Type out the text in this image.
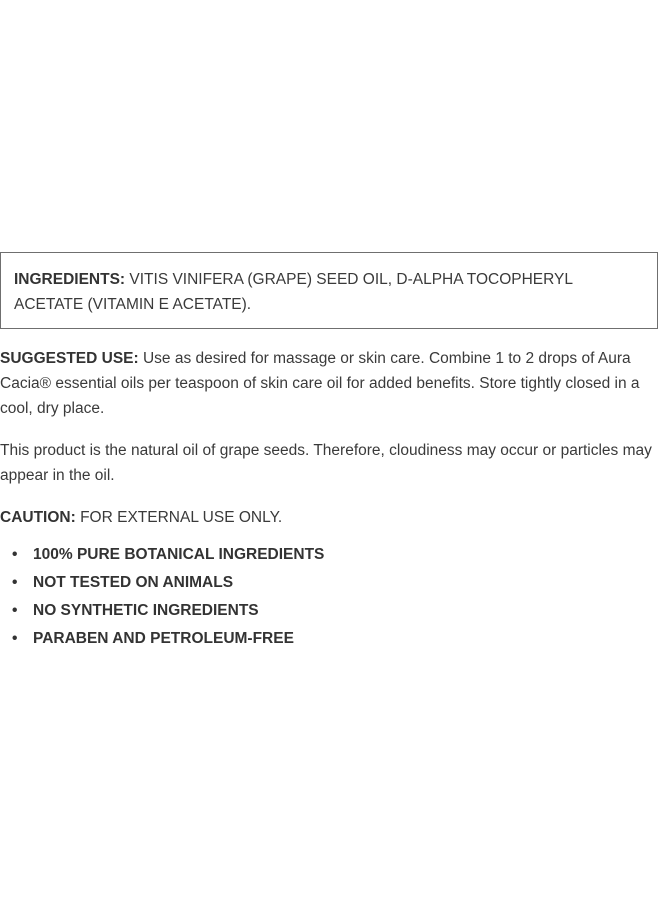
INGREDIENTS: VITIS VINIFERA (GRAPE) SEED OIL, D-ALPHA TOCOPHERYL ACETATE (VITAMIN E ACETATE).

SUGGESTED USE: Use as desired for massage or skin care. Combine 1 to 2 drops of Aura Cacia® essential oils per teaspoon of skin care oil for added benefits. Store tightly closed in a cool, dry place.

This product is the natural oil of grape seeds. Therefore, cloudiness may occur or particles may appear in the oil.

CAUTION: FOR EXTERNAL USE ONLY.

• 100% PURE BOTANICAL INGREDIENTS
• NOT TESTED ON ANIMALS
• NO SYNTHETIC INGREDIENTS
• PARABEN AND PETROLEUM-FREE
